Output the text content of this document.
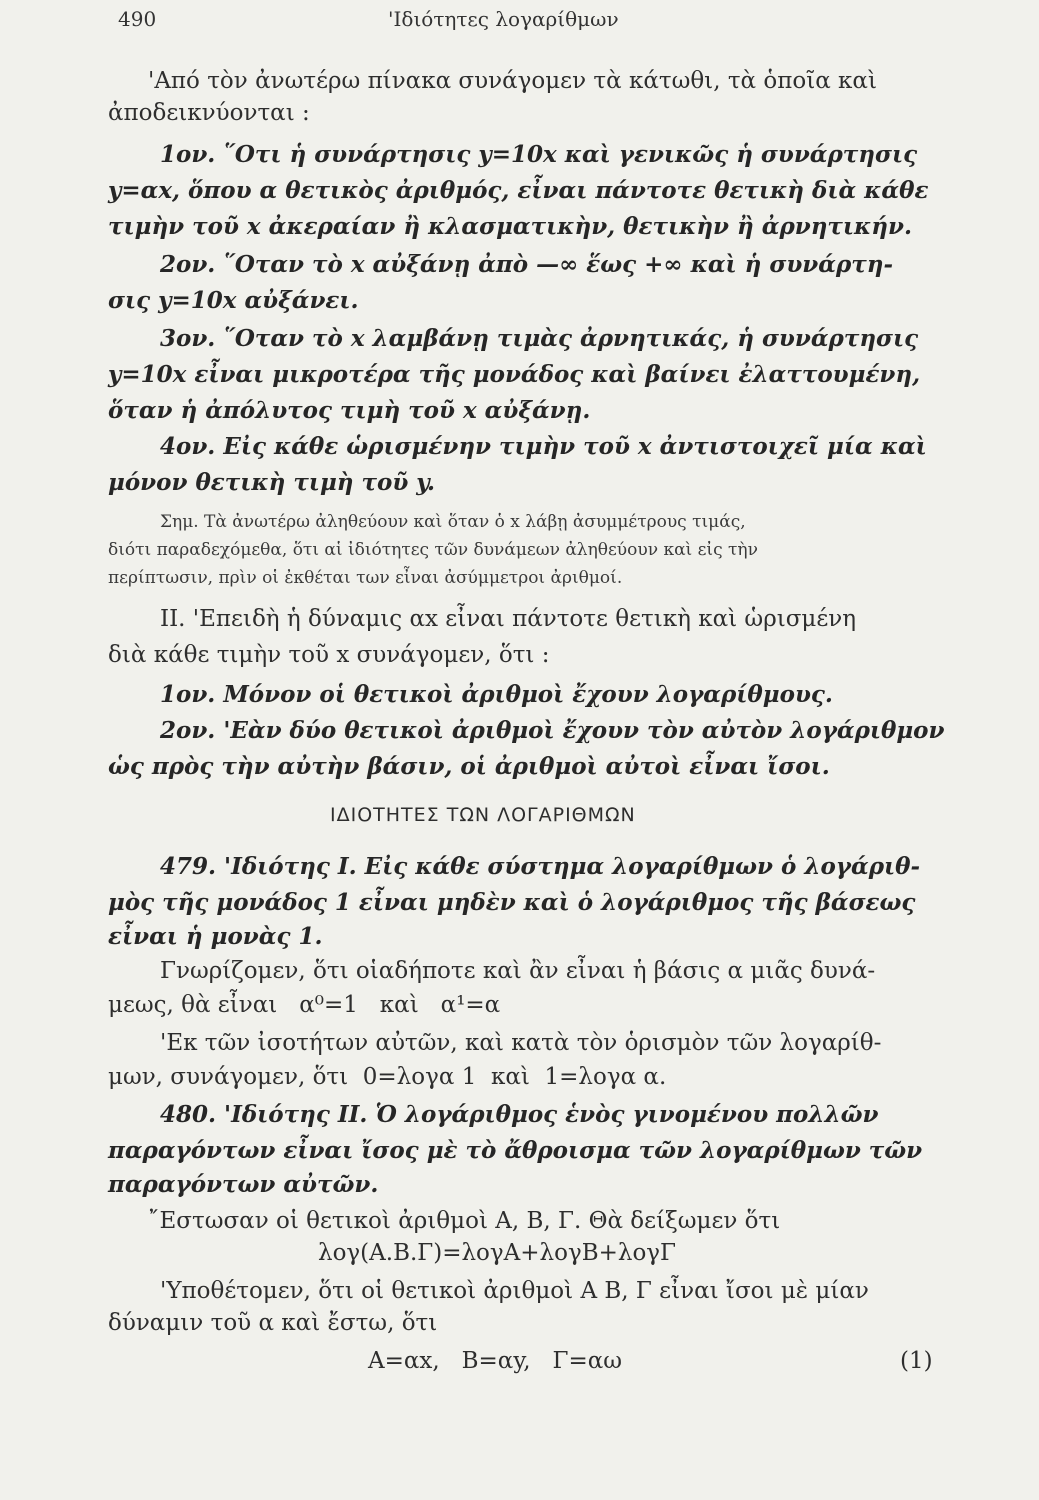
490	'Ιδιότητες λογαρίθμων
'Από τὸν ἀνωτέρω πίνακα συνάγομεν τὰ κάτωθι, τὰ ὁποῖα καὶ
ἀποδεικνύονται :
1ον. ῞Οτι ἡ συνάρτησις y=10x καὶ γενικῶς ἡ συνάρτησις
y=αx, ὅπου α θετικὸς ἀριθμός, εἶναι πάντοτε θετικὴ διὰ κάθε
τιμὴν τοῦ x ἀκεραίαν ἢ κλασματικὴν, θετικὴν ἢ ἀρνητικήν.
2ον. ῞Οταν τὸ x αὐξάνῃ ἀπὸ —∞ ἕως +∞ καὶ ἡ συνάρτη-
σις y=10x αὐξάνει.
3ον. ῞Οταν τὸ x λαμβάνῃ τιμὰς ἀρνητικάς, ἡ συνάρτησις
y=10x εἶναι μικροτέρα τῆς μονάδος καὶ βαίνει ἐλαττουμένη,
ὅταν ἡ ἀπόλυτος τιμὴ τοῦ x αὐξάνῃ.
4ον. Εἰς κάθε ὡρισμένην τιμὴν τοῦ x ἀντιστοιχεῖ μία καὶ
μόνον θετικὴ τιμὴ τοῦ y.
Σημ. Τὰ ἀνωτέρω ἀληθεύουν καὶ ὅταν ὁ x λάβῃ ἀσυμμέτρους τιμάς,
διότι παραδεχόμεθα, ὅτι αἱ ἰδιότητες τῶν δυνάμεων ἀληθεύουν καὶ εἰς τὴν
περίπτωσιν, πρὶν οἱ ἐκθέται των εἶναι ἀσύμμετροι ἀριθμοί.
II. 'Επειδὴ ἡ δύναμις αx εἶναι πάντοτε θετικὴ καὶ ὡρισμένη
διὰ κάθε τιμὴν τοῦ x συνάγομεν, ὅτι :
1ον. Μόνον οἱ θετικοὶ ἀριθμοὶ ἔχουν λογαρίθμους.
2ον. 'Εὰν δύο θετικοὶ ἀριθμοὶ ἔχουν τὸν αὐτὸν λογάριθμον
ὡς πρὸς τὴν αὐτὴν βάσιν, οἱ ἀριθμοὶ αὐτοὶ εἶναι ἴσοι.
ΙΔΙΟΤΗΤΕΣ ΤΩΝ ΛΟΓΑΡΙΘΜΩΝ
479. 'Ιδιότης I. Εἰς κάθε σύστημα λογαρίθμων ὁ λογάριθ-
μὸς τῆς μονάδος 1 εἶναι μηδὲν καὶ ὁ λογάριθμος τῆς βάσεως
εἶναι ἡ μονὰς 1.
Γνωρίζομεν, ὅτι οἱαδήποτε καὶ ἂν εἶναι ἡ βάσις α μιᾶς δυνά-
μεως, θὰ εἶναι   α⁰=1   καὶ   α¹=α
'Εκ τῶν ἰσοτήτων αὐτῶν, καὶ κατὰ τὸν ὁρισμὸν τῶν λογαρίθ-
μων, συνάγομεν, ὅτι  0=λογα 1  καὶ  1=λογα α.
480. 'Ιδιότης II. Ὁ λογάριθμος ἑνὸς γινομένου πολλῶν
παραγόντων εἶναι ἴσος μὲ τὸ ἄθροισμα τῶν λογαρίθμων τῶν
παραγόντων αὐτῶν.
῎Εστωσαν οἱ θετικοὶ ἀριθμοὶ Α, Β, Γ. Θὰ δείξωμεν ὅτι
λογ(Α.Β.Γ)=λογΑ+λογΒ+λογΓ
'Υποθέτομεν, ὅτι οἱ θετικοὶ ἀριθμοὶ Α Β, Γ εἶναι ἴσοι μὲ μίαν
δύναμιν τοῦ α καὶ ἔστω, ὅτι
Α=αx,   Β=αy,   Γ=αω	(1)
